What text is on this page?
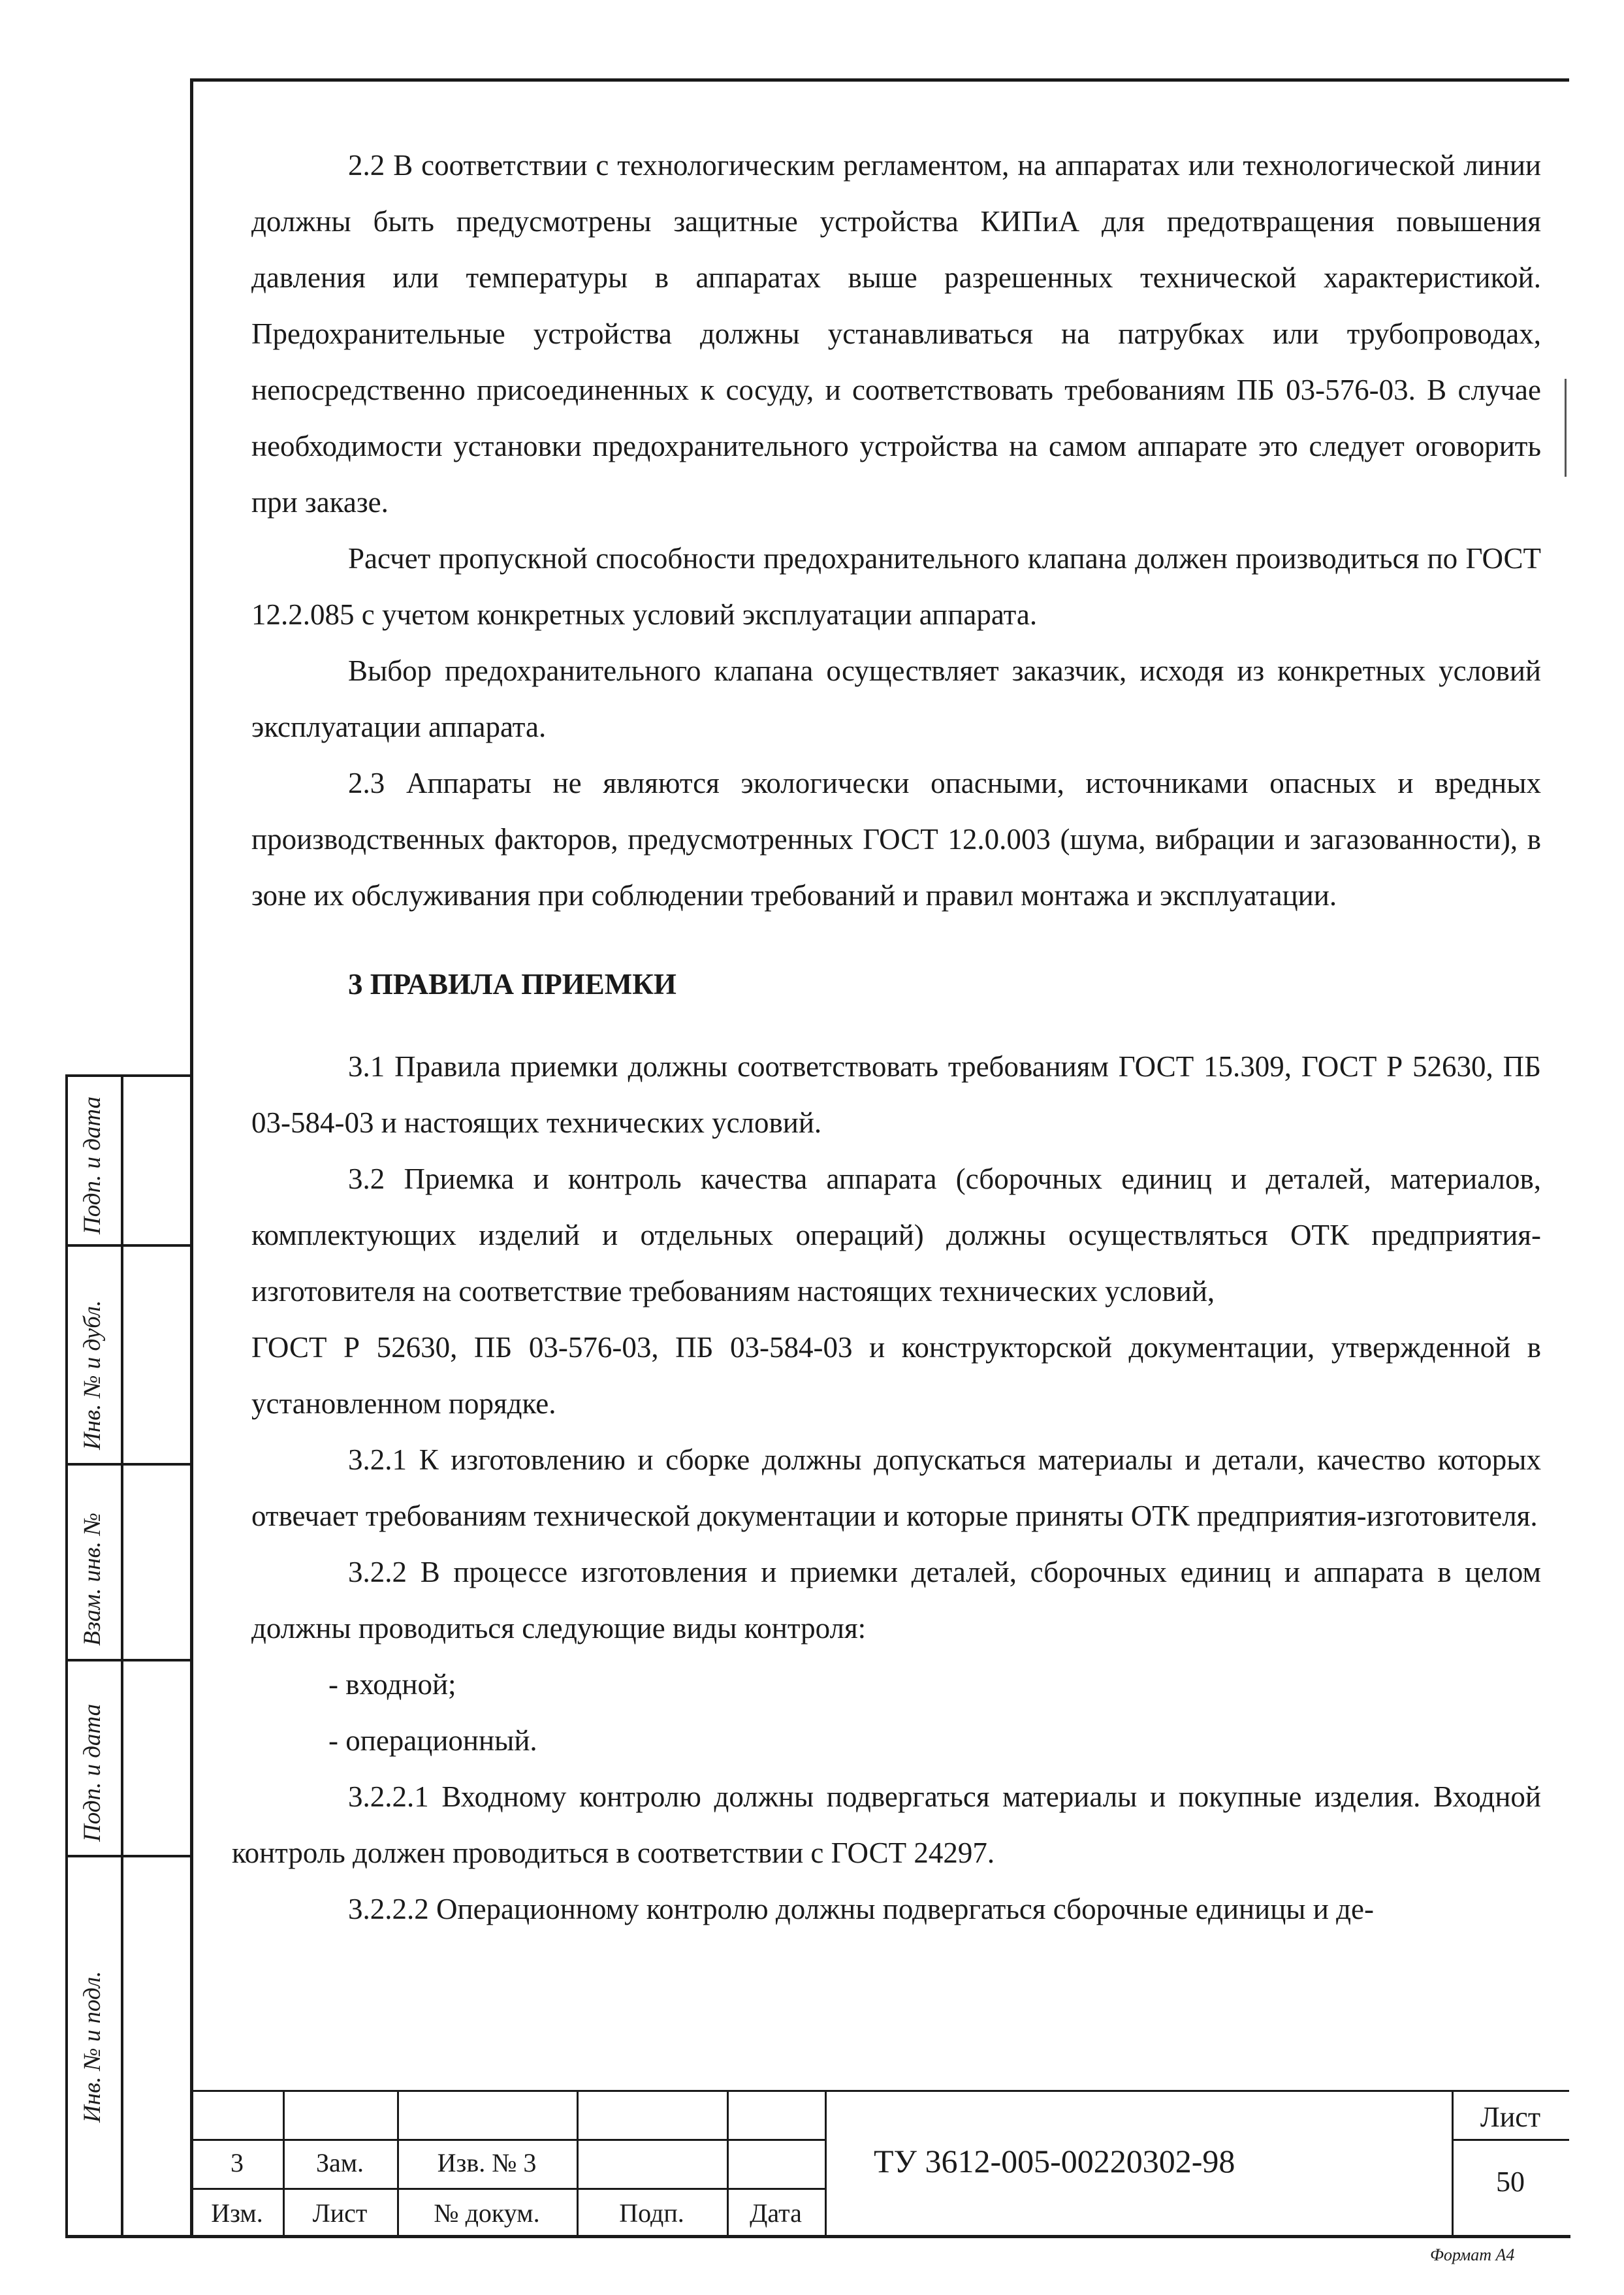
2.2 В соответствии с технологическим регламентом, на аппаратах или технологической линии должны быть предусмотрены защитные устройства КИПиА для предотвращения повышения давления или температуры в аппаратах выше разрешенных технической характеристикой. Предохранительные устройства должны устанавливаться на патрубках или трубопроводах, непосредственно присоединенных к сосуду, и соответствовать требованиям ПБ 03-576-03. В случае необходимости установки предохранительного устройства на самом аппарате это следует оговорить при заказе.

Расчет пропускной способности предохранительного клапана должен производиться по ГОСТ 12.2.085 с учетом конкретных условий эксплуатации аппарата.

Выбор предохранительного клапана осуществляет заказчик, исходя из конкретных условий эксплуатации аппарата.

2.3 Аппараты не являются экологически опасными, источниками опасных и вредных производственных факторов, предусмотренных ГОСТ 12.0.003 (шума, вибрации и загазованности), в зоне их обслуживания при соблюдении требований и правил монтажа и эксплуатации.

3 ПРАВИЛА ПРИЕМКИ

3.1 Правила приемки должны соответствовать требованиям ГОСТ 15.309, ГОСТ Р 52630, ПБ 03-584-03 и настоящих технических условий.

3.2 Приемка и контроль качества аппарата (сборочных единиц и деталей, материалов, комплектующих изделий и отдельных операций) должны осуществляться ОТК предприятия-изготовителя на соответствие требованиям настоящих технических условий,

ГОСТ Р 52630, ПБ 03-576-03, ПБ 03-584-03 и конструкторской документации, утвержденной в установленном порядке.

3.2.1 К изготовлению и сборке должны допускаться материалы и детали, качество которых отвечает требованиям технической документации и которые приняты ОТК предприятия-изготовителя.

3.2.2 В процессе изготовления и приемки деталей, сборочных единиц и аппарата в целом должны проводиться следующие виды контроля:

- входной;

- операционный.

3.2.2.1 Входному контролю должны подвергаться материалы и покупные изделия. Входной контроль должен проводиться в соответствии с ГОСТ 24297.

3.2.2.2 Операционному контролю должны подвергаться сборочные единицы и де-

Подп. и дата
Инв. № и дубл.
Взам. инв. №
Подп. и дата
Инв. № и подл.
3	Зам.	Изв. № 3
Изм.	Лист	№ докум.	Подп.	Дата
ТУ 3612-005-00220302-98
Лист
50
Формат А4
